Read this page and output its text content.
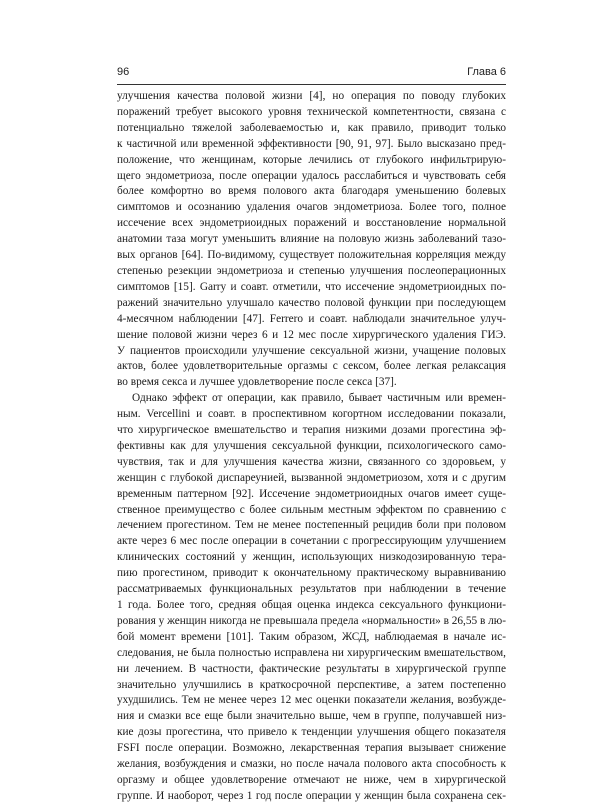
96	Глава 6
улучшения качества половой жизни [4], но операция по поводу глубоких
поражений требует высокого уровня технической компетентности, связана с
потенциально тяжелой заболеваемостью и, как правило, приводит только
к частичной или временной эффективности [90, 91, 97]. Было высказано пред-
положение, что женщинам, которые лечились от глубокого инфильтрирую-
щего эндометриоза, после операции удалось расслабиться и чувствовать себя
более комфортно во время полового акта благодаря уменьшению болевых
симптомов и осознанию удаления очагов эндометриоза. Более того, полное
иссечение всех эндометриоидных поражений и восстановление нормальной
анатомии таза могут уменьшить влияние на половую жизнь заболеваний тазо-
вых органов [64]. По-видимому, существует положительная корреляция между
степенью резекции эндометриоза и степенью улучшения послеоперационных
симптомов [15]. Garry и соавт. отметили, что иссечение эндометриоидных по-
ражений значительно улучшало качество половой функции при последующем
4-месячном наблюдении [47]. Ferrero и соавт. наблюдали значительное улуч-
шение половой жизни через 6 и 12 мес после хирургического удаления ГИЭ.
У пациентов происходили улучшение сексуальной жизни, учащение половых
актов, более удовлетворительные оргазмы с сексом, более легкая релаксация
во время секса и лучшее удовлетворение после секса [37].
Однако эффект от операции, как правило, бывает частичным или времен-
ным. Vercellini и соавт. в проспективном когортном исследовании показали,
что хирургическое вмешательство и терапия низкими дозами прогестина эф-
фективны как для улучшения сексуальной функции, психологического само-
чувствия, так и для улучшения качества жизни, связанного со здоровьем, у
женщин с глубокой диспареунией, вызванной эндометриозом, хотя и с другим
временным паттерном [92]. Иссечение эндометриоидных очагов имеет суще-
ственное преимущество с более сильным местным эффектом по сравнению с
лечением прогестином. Тем не менее постепенный рецидив боли при половом
акте через 6 мес после операции в сочетании с прогрессирующим улучшением
клинических состояний у женщин, использующих низкодозированную тера-
пию прогестином, приводит к окончательному практическому выравниванию
рассматриваемых функциональных результатов при наблюдении в течение
1 года. Более того, средняя общая оценка индекса сексуального функциони-
рования у женщин никогда не превышала предела «нормальности» в 26,55 в лю-
бой момент времени [101]. Таким образом, ЖСД, наблюдаемая в начале ис-
следования, не была полностью исправлена ни хирургическим вмешательством,
ни лечением. В частности, фактические результаты в хирургической группе
значительно улучшились в краткосрочной перспективе, а затем постепенно
ухудшились. Тем не менее через 12 мес оценки показатели желания, возбужде-
ния и смазки все еще были значительно выше, чем в группе, получавшей низ-
кие дозы прогестина, что привело к тенденции улучшения общего показателя
FSFI после операции. Возможно, лекарственная терапия вызывает снижение
желания, возбуждения и смазки, но после начала полового акта способность к
оргазму и общее удовлетворение отмечают не ниже, чем в хирургической
группе. И наоборот, через 1 год после операции у женщин была сохранена сек-
